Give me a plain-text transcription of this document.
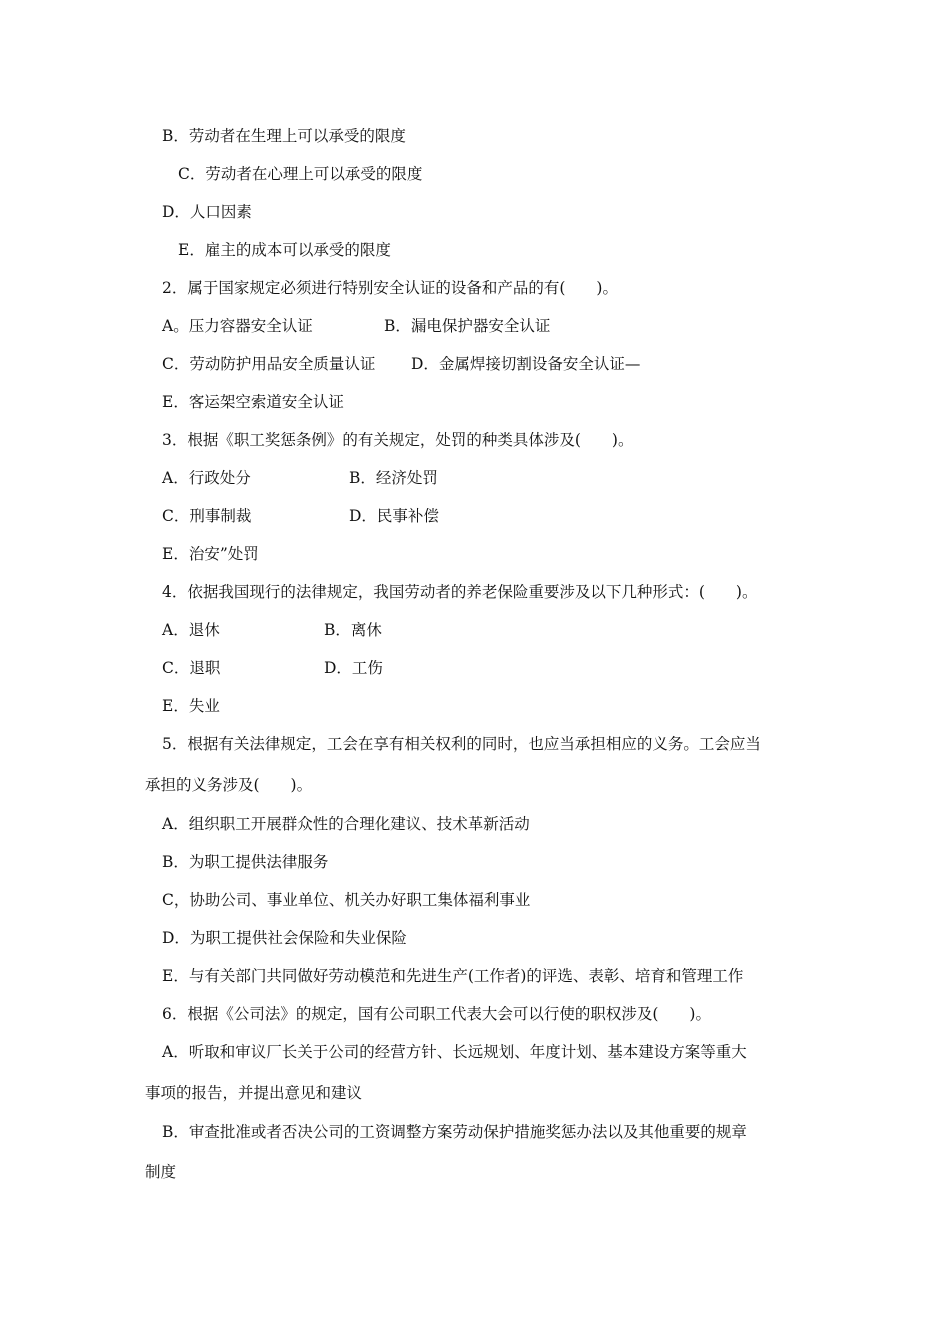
B．劳动者在生理上可以承受的限度
C．劳动者在心理上可以承受的限度
D．人口因素
E．雇主的成本可以承受的限度
2．属于国家规定必须进行特别安全认证的设备和产品的有(　　)。
A。压力容器安全认证	B．漏电保护器安全认证
C．劳动防护用品安全质量认证 D．金属焊接切割设备安全认证—
E．客运架空索道安全认证
3．根据《职工奖惩条例》的有关规定，处罚的种类具体涉及(　　)。
A．行政处分	B．经济处罚
C．刑事制裁	D．民事补偿
E．治安”处罚
4．依据我国现行的法律规定，我国劳动者的养老保险重要涉及以下几种形式：(　　)。
A．退休	B．离休
C．退职	D．工伤
E．失业
5．根据有关法律规定，工会在享有相关权利的同时，也应当承担相应的义务。工会应当
承担的义务涉及(　　)。
A．组织职工开展群众性的合理化建议、技术革新活动
B．为职工提供法律服务
C，协助公司、事业单位、机关办好职工集体福利事业
D．为职工提供社会保险和失业保险
E．与有关部门共同做好劳动模范和先进生产(工作者)的评选、表彰、培育和管理工作
6．根据《公司法》的规定，国有公司职工代表大会可以行使的职权涉及(　　)。
A．听取和审议厂长关于公司的经营方针、长远规划、年度计划、基本建设方案等重大
事项的报告，并提出意见和建议
B．审查批准或者否决公司的工资调整方案劳动保护措施奖惩办法以及其他重要的规章
制度
